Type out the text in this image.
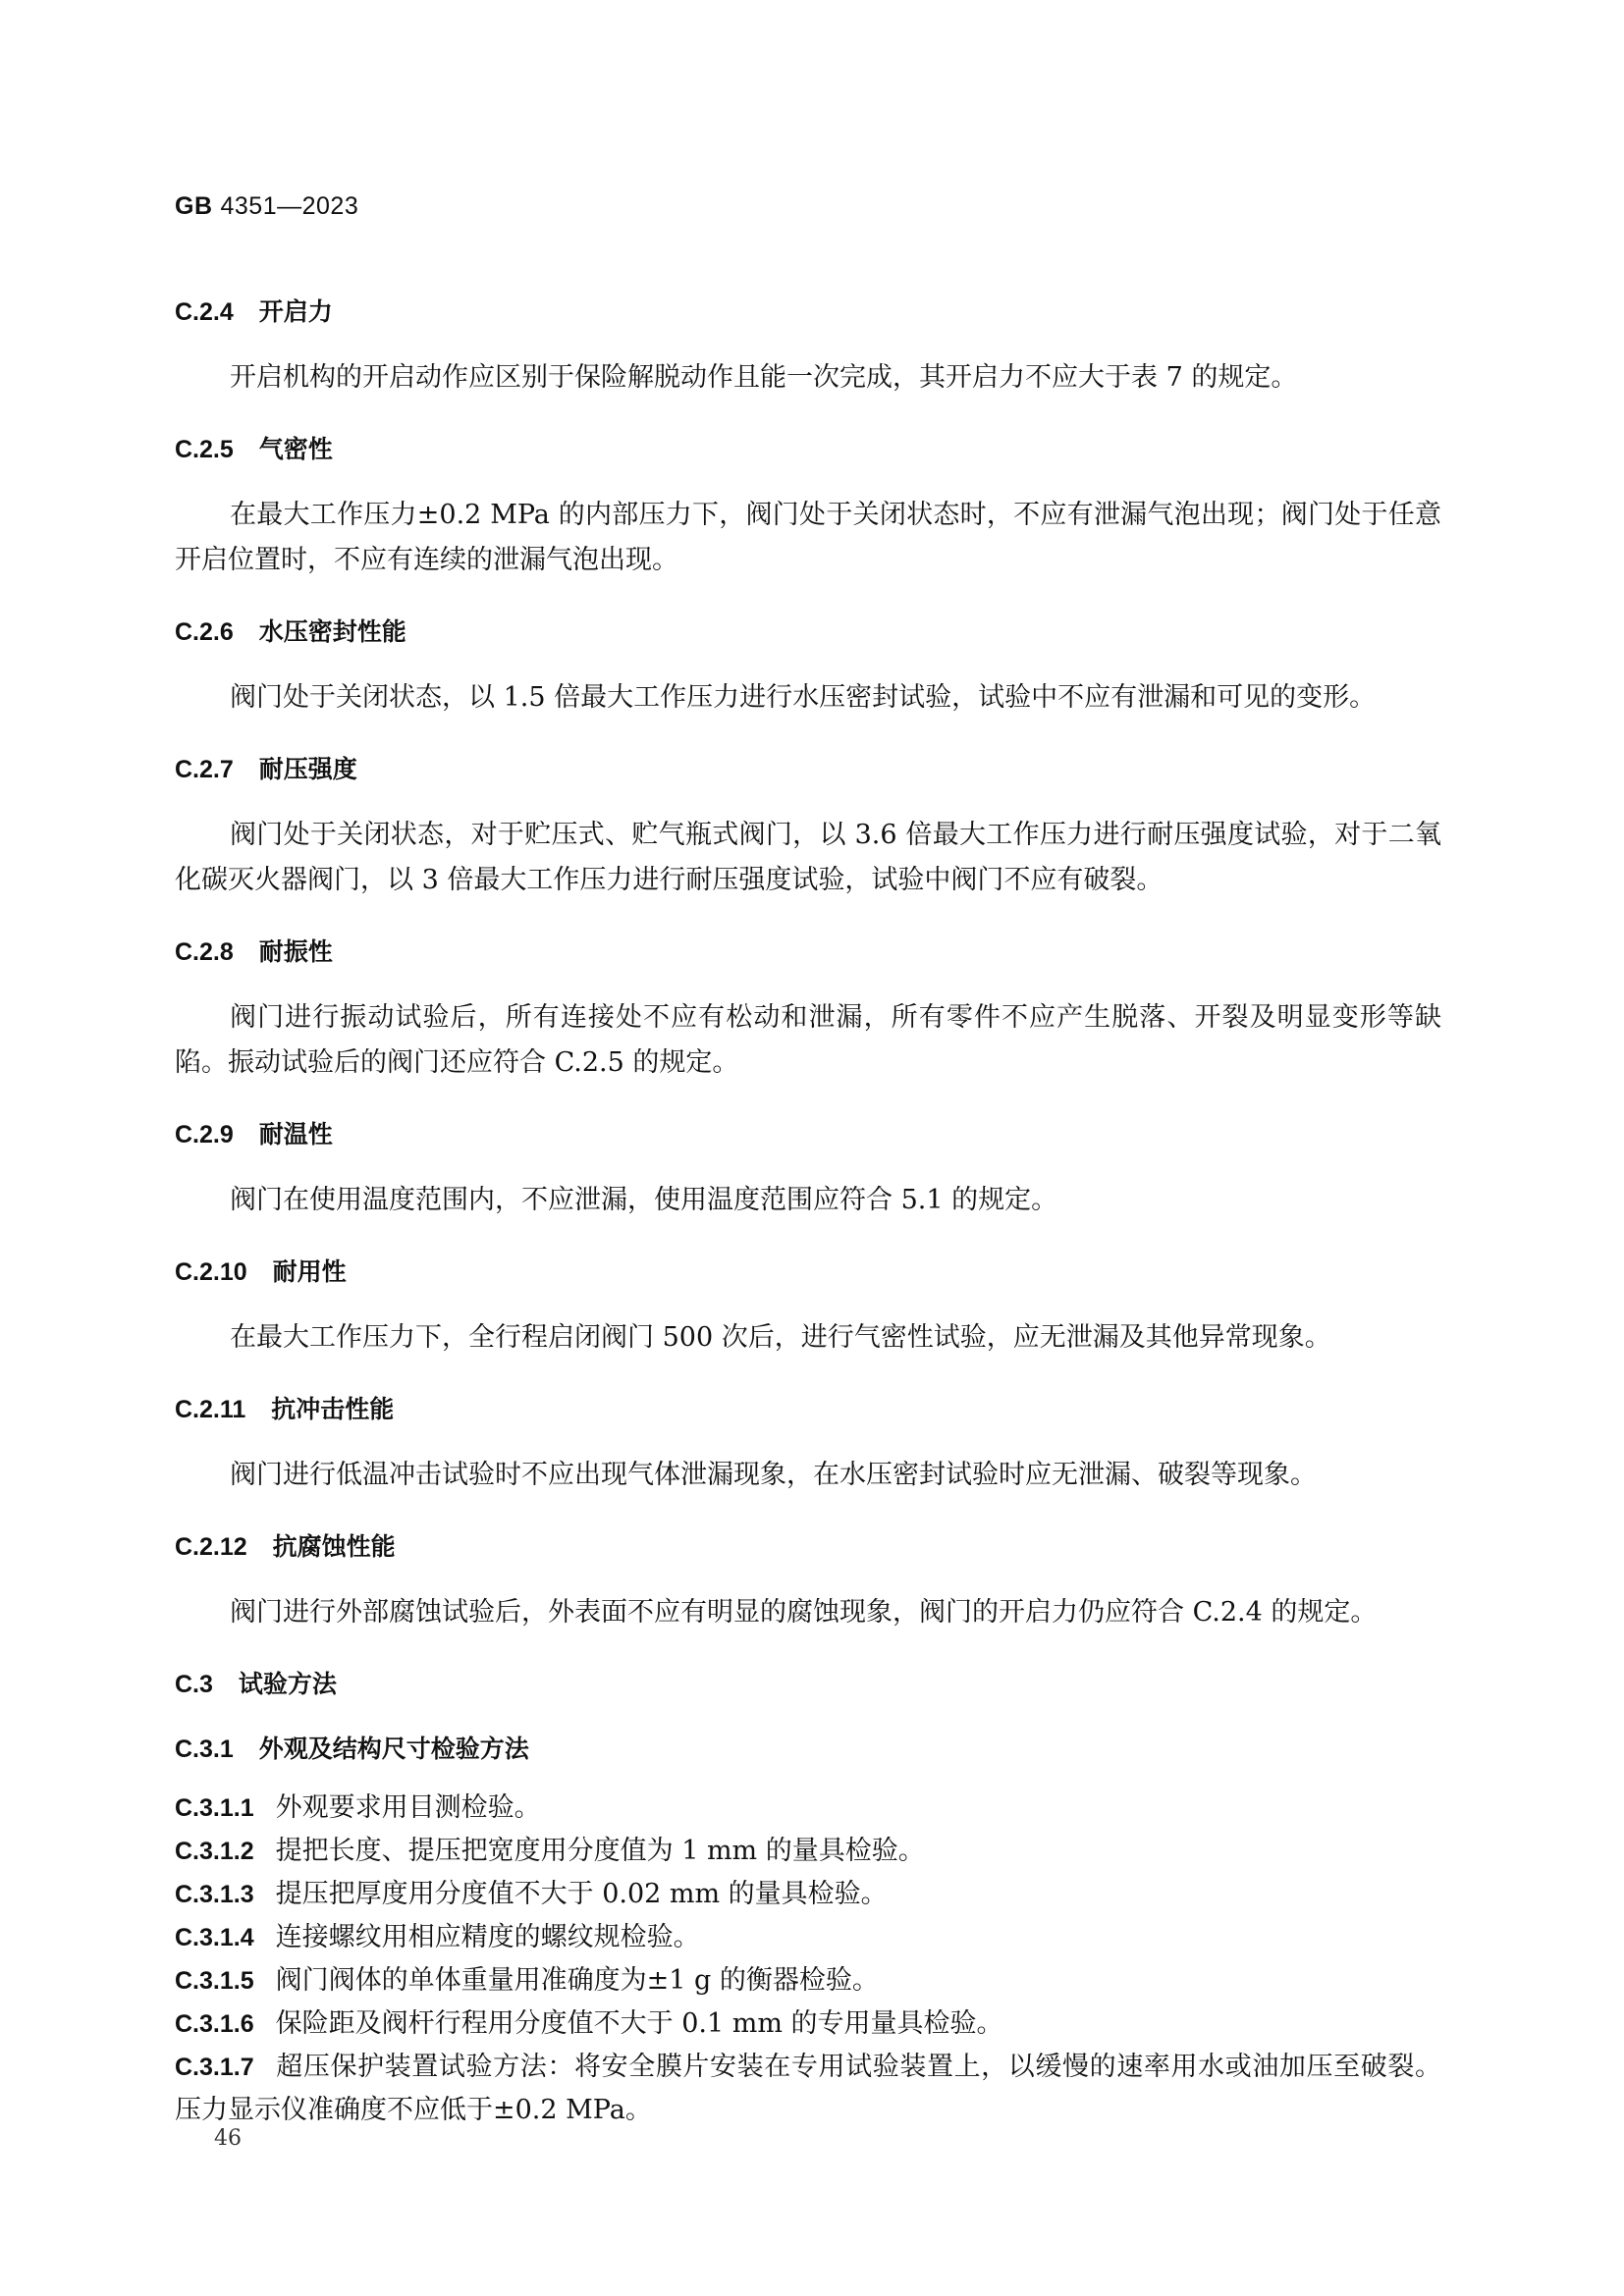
GB 4351—2023
C.2.4 开启力

开启机构的开启动作应区别于保险解脱动作且能一次完成，其开启力不应大于表 7 的规定。

C.2.5 气密性

在最大工作压力±0.2 MPa 的内部压力下，阀门处于关闭状态时，不应有泄漏气泡出现；阀门处于任意开启位置时，不应有连续的泄漏气泡出现。

C.2.6 水压密封性能

阀门处于关闭状态，以 1.5 倍最大工作压力进行水压密封试验，试验中不应有泄漏和可见的变形。

C.2.7 耐压强度

阀门处于关闭状态，对于贮压式、贮气瓶式阀门，以 3.6 倍最大工作压力进行耐压强度试验，对于二氧化碳灭火器阀门，以 3 倍最大工作压力进行耐压强度试验，试验中阀门不应有破裂。

C.2.8 耐振性

阀门进行振动试验后，所有连接处不应有松动和泄漏，所有零件不应产生脱落、开裂及明显变形等缺陷。振动试验后的阀门还应符合 C.2.5 的规定。

C.2.9 耐温性

阀门在使用温度范围内，不应泄漏，使用温度范围应符合 5.1 的规定。

C.2.10 耐用性

在最大工作压力下，全行程启闭阀门 500 次后，进行气密性试验，应无泄漏及其他异常现象。

C.2.11 抗冲击性能

阀门进行低温冲击试验时不应出现气体泄漏现象，在水压密封试验时应无泄漏、破裂等现象。

C.2.12 抗腐蚀性能

阀门进行外部腐蚀试验后，外表面不应有明显的腐蚀现象，阀门的开启力仍应符合 C.2.4 的规定。

C.3 试验方法
C.3.1 外观及结构尺寸检验方法

C.3.1.1 外观要求用目测检验。

C.3.1.2 提把长度、提压把宽度用分度值为 1 mm 的量具检验。

C.3.1.3 提压把厚度用分度值不大于 0.02 mm 的量具检验。

C.3.1.4 连接螺纹用相应精度的螺纹规检验。

C.3.1.5 阀门阀体的单体重量用准确度为±1 g 的衡器检验。

C.3.1.6 保险距及阀杆行程用分度值不大于 0.1 mm 的专用量具检验。

C.3.1.7 超压保护装置试验方法：将安全膜片安装在专用试验装置上，以缓慢的速率用水或油加压至破裂。压力显示仪准确度不应低于±0.2 MPa。

46
